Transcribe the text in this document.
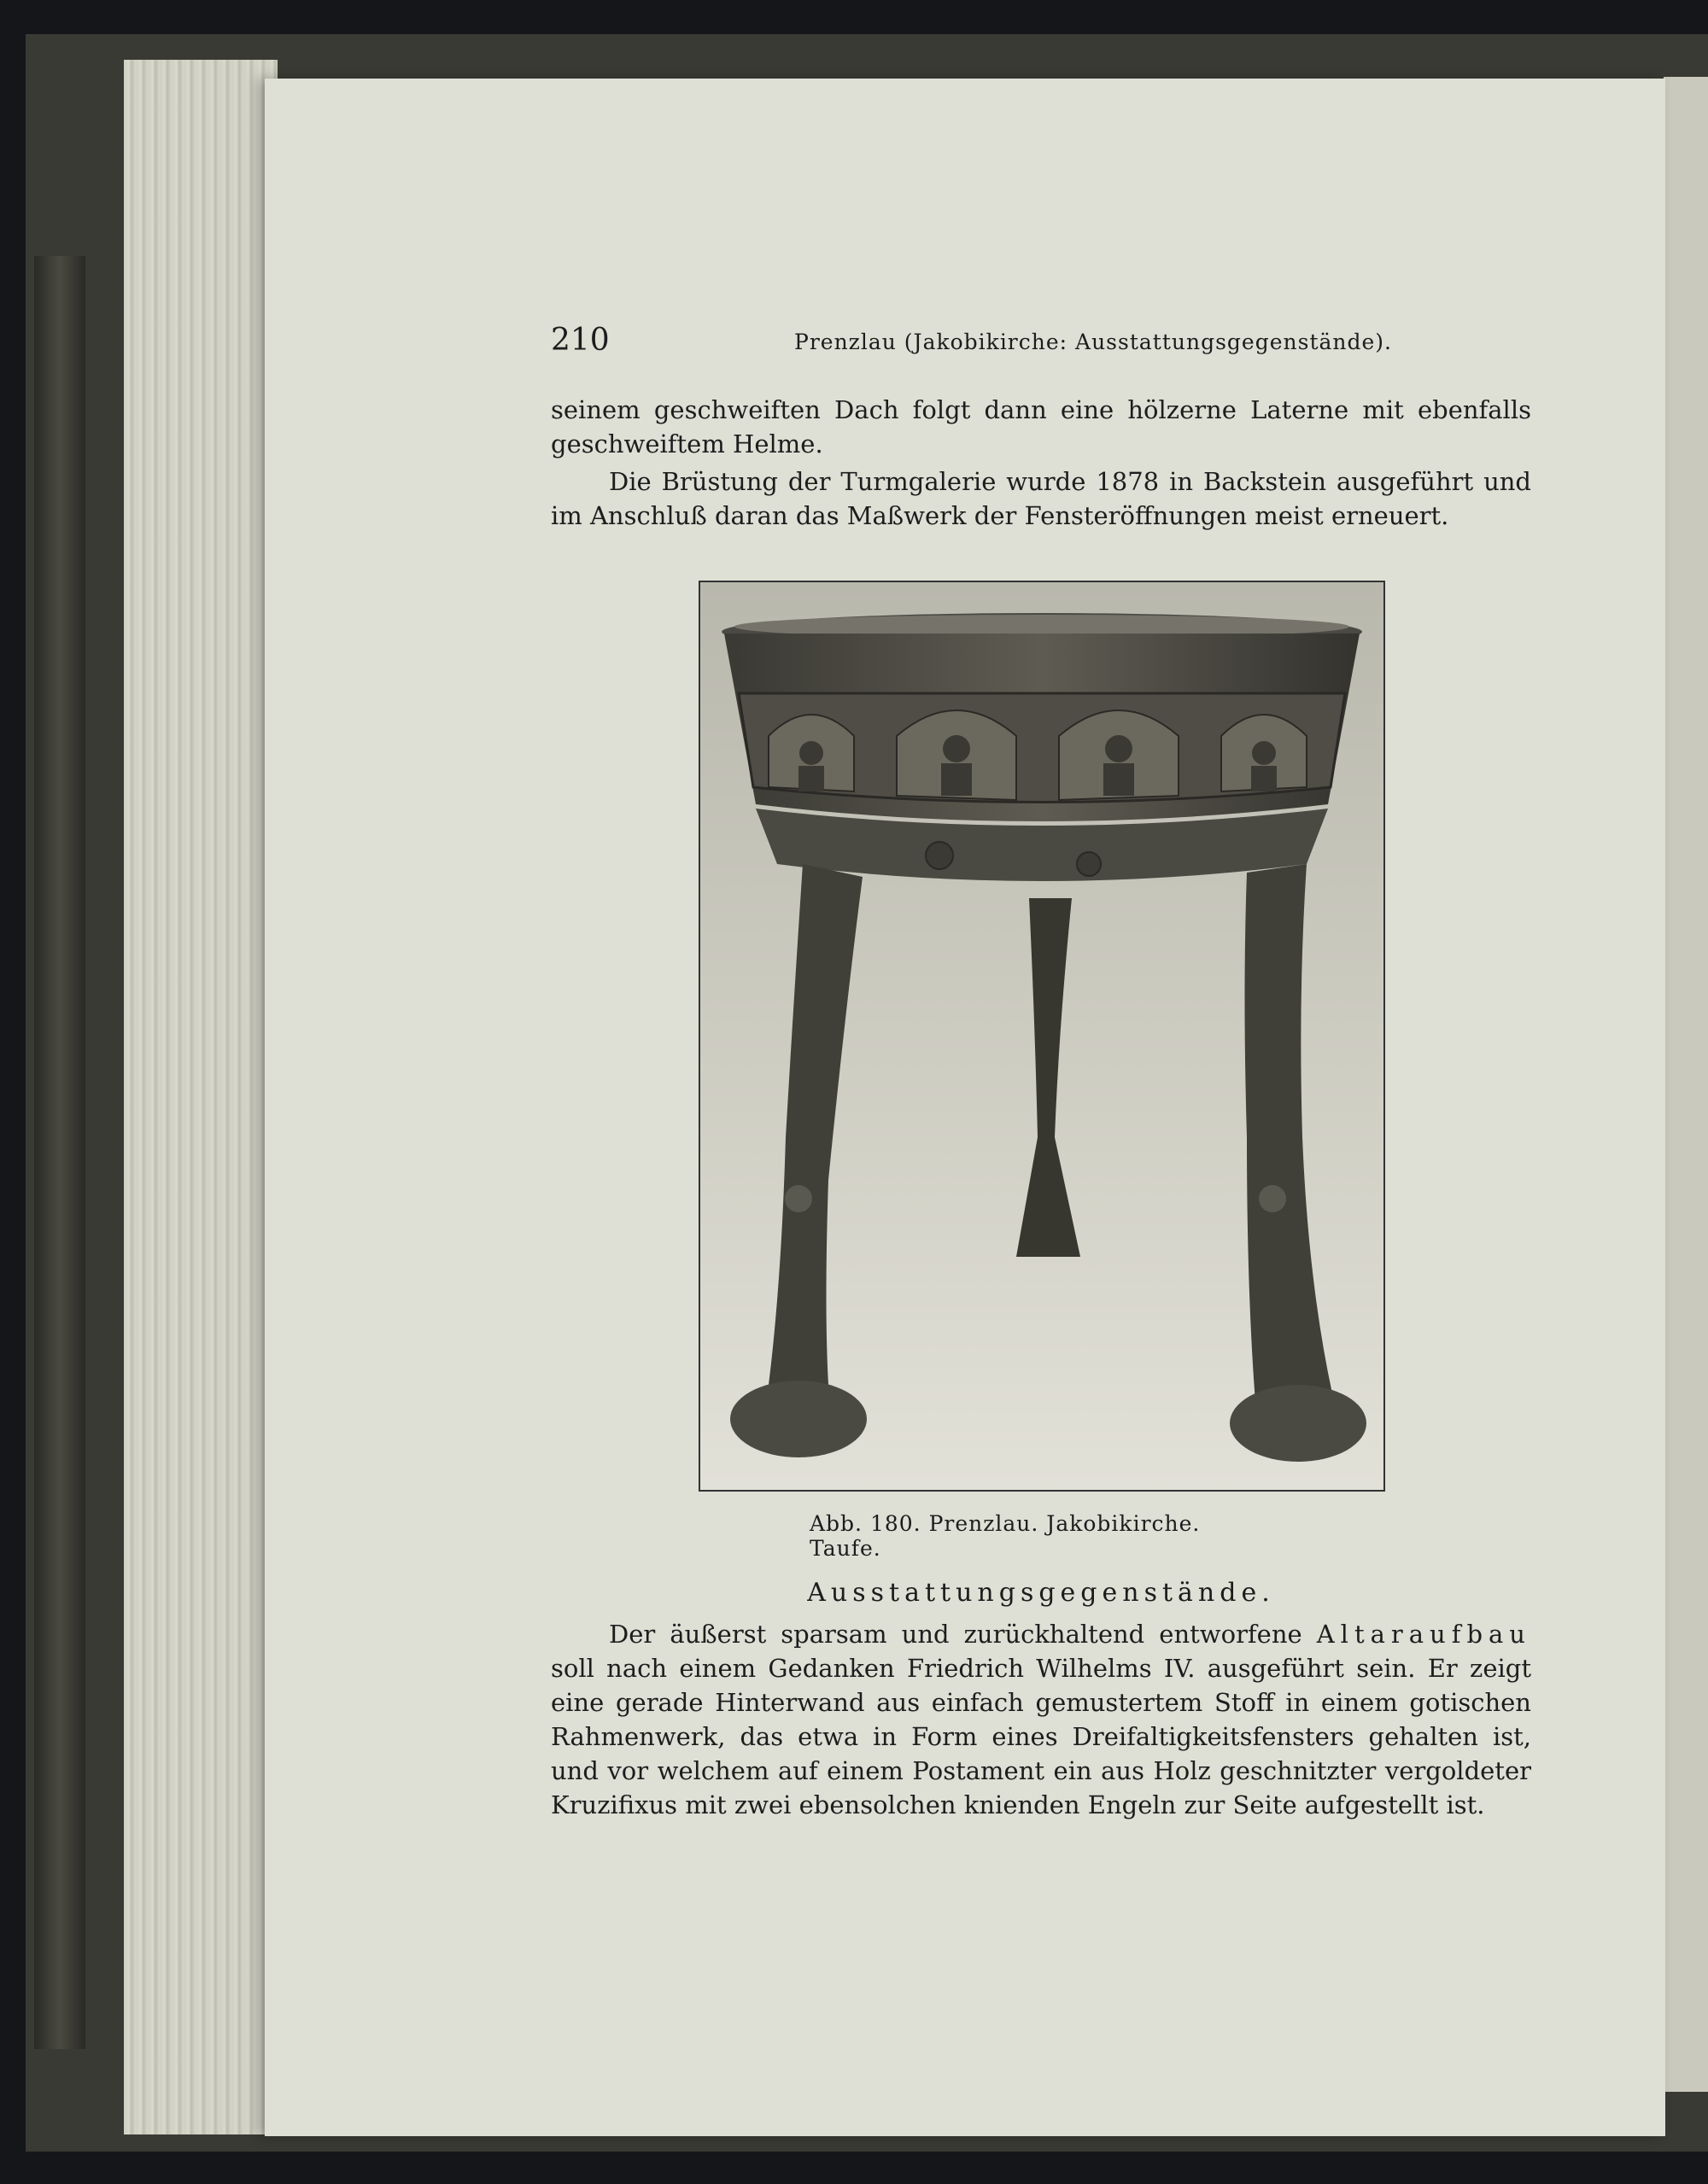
210	Prenzlau (Jakobikirche: Ausstattungsgegenstände).

seinem geschweiften Dach folgt dann eine hölzerne Laterne mit ebenfalls geschweiftem Helme.

Die Brüstung der Turmgalerie wurde 1878 in Backstein ausgeführt und im Anschluß daran das Maßwerk der Fensteröffnungen meist erneuert.

Abb. 180. Prenzlau. Jakobikirche. Taufe.
Ausstattungsgegenstände.

Der äußerst sparsam und zurückhaltend entworfene Altaraufbau soll nach einem Gedanken Friedrich Wilhelms IV. ausgeführt sein. Er zeigt eine gerade Hinterwand aus einfach gemustertem Stoff in einem gotischen Rahmenwerk, das etwa in Form eines Dreifaltigkeitsfensters gehalten ist, und vor welchem auf einem Postament ein aus Holz geschnitzter vergoldeter Kruzifixus mit zwei ebensolchen knienden Engeln zur Seite aufgestellt ist.
